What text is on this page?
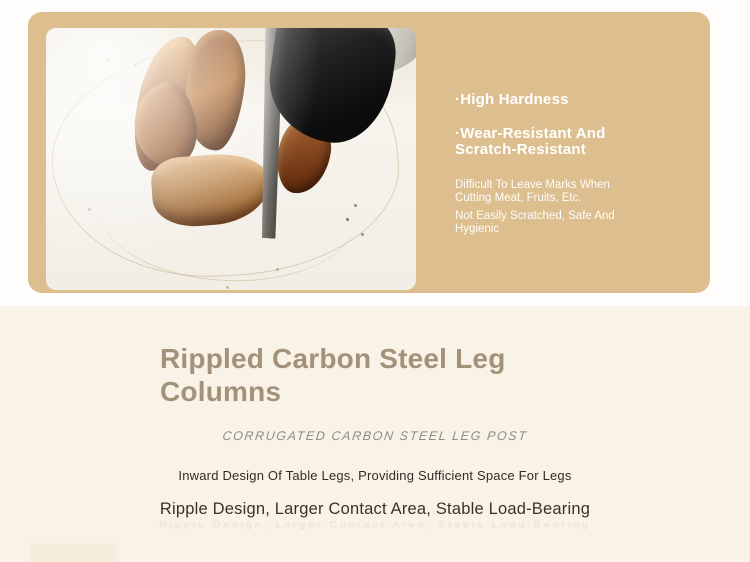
·High Hardness
·Wear-Resistant And Scratch-Resistant
Difficult To Leave Marks When Cutting Meat, Fruits, Etc.
Not Easily Scratched, Safe And Hygienic
Rippled Carbon Steel Leg Columns
CORRUGATED CARBON STEEL LEG POST
Inward Design Of Table Legs, Providing Sufficient Space For Legs
Ripple Design, Larger Contact Area, Stable Load-Bearing
Ripple Design, Larger Contact Area, Stable Load-Bearing
